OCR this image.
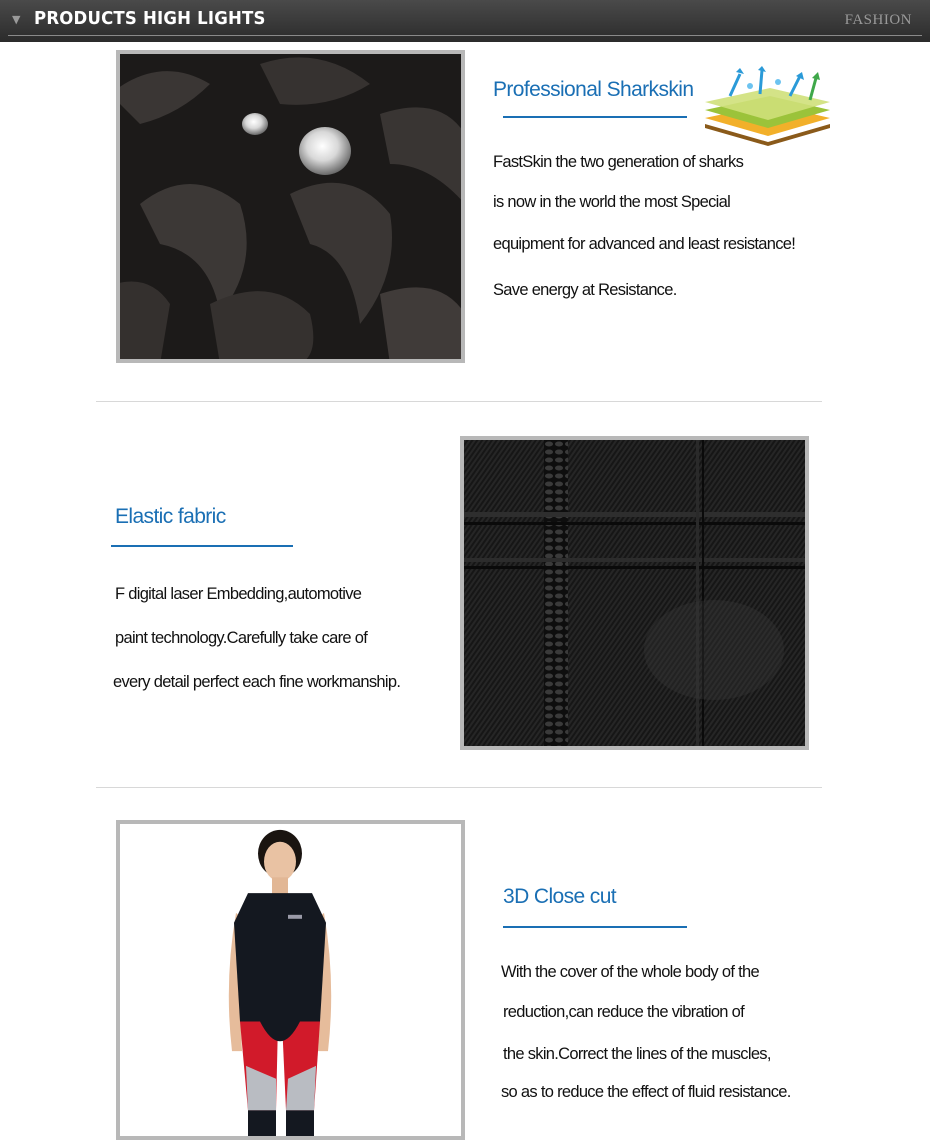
▼ PRODUCTS HIGH LIGHTS	FASHION
Professional Sharkskin
FastSkin the two generation of sharks
is now in the world the most Special
equipment for advanced and least resistance!
Save energy at Resistance.
Elastic fabric
F digital laser Embedding,automotive
paint technology.Carefully take care of
every detail perfect each fine workmanship.
3D Close cut
With the cover of the whole body of the
reduction,can reduce the vibration of
the skin.Correct the lines of the muscles,
so as to reduce the effect of fluid resistance.
